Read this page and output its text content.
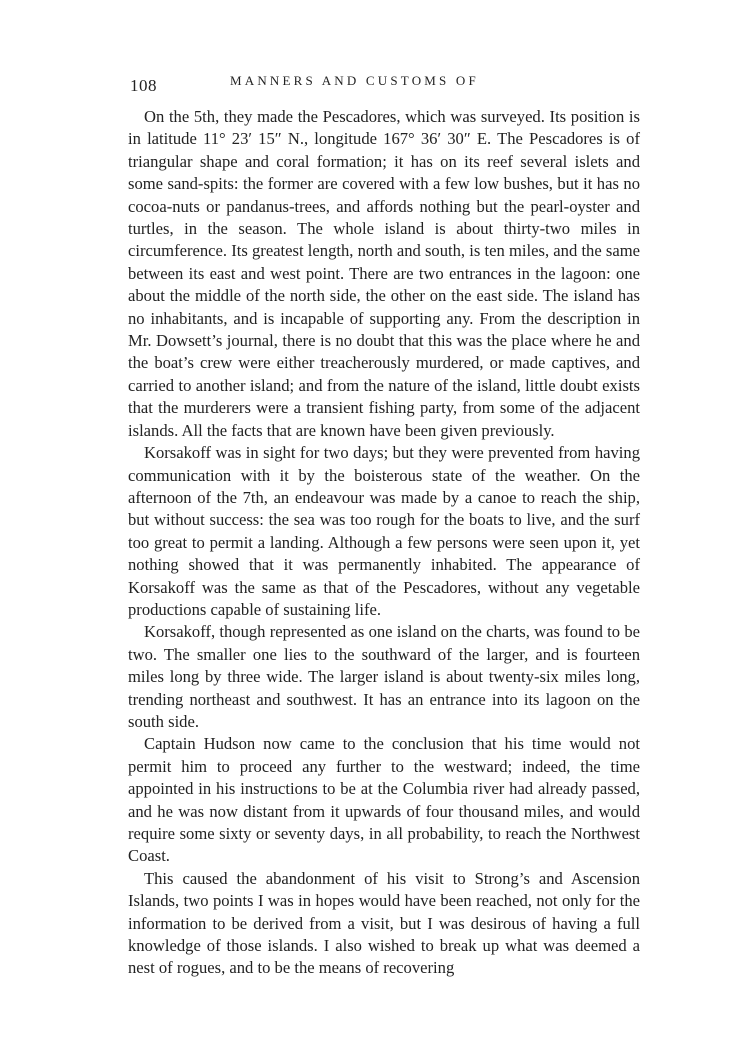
108	MANNERS AND CUSTOMS OF

On the 5th, they made the Pescadores, which was surveyed. Its position is in latitude 11° 23′ 15″ N., longitude 167° 36′ 30″ E. The Pescadores is of triangular shape and coral formation; it has on its reef several islets and some sand-spits: the former are covered with a few low bushes, but it has no cocoa-nuts or pandanus-trees, and affords nothing but the pearl-oyster and turtles, in the season. The whole island is about thirty-two miles in circumference. Its greatest length, north and south, is ten miles, and the same between its east and west point. There are two entrances in the lagoon: one about the middle of the north side, the other on the east side. The island has no inhabitants, and is incapable of supporting any. From the description in Mr. Dowsett’s journal, there is no doubt that this was the place where he and the boat’s crew were either treacherously murdered, or made captives, and carried to another island; and from the nature of the island, little doubt exists that the murderers were a transient fishing party, from some of the adjacent islands. All the facts that are known have been given previously.

Korsakoff was in sight for two days; but they were prevented from having communication with it by the boisterous state of the weather. On the afternoon of the 7th, an endeavour was made by a canoe to reach the ship, but without success: the sea was too rough for the boats to live, and the surf too great to permit a landing. Although a few persons were seen upon it, yet nothing showed that it was permanently inhabited. The appearance of Korsakoff was the same as that of the Pescadores, without any vegetable productions capable of sustaining life.

Korsakoff, though represented as one island on the charts, was found to be two. The smaller one lies to the southward of the larger, and is fourteen miles long by three wide. The larger island is about twenty-six miles long, trending northeast and southwest. It has an entrance into its lagoon on the south side.

Captain Hudson now came to the conclusion that his time would not permit him to proceed any further to the westward; indeed, the time appointed in his instructions to be at the Columbia river had already passed, and he was now distant from it upwards of four thousand miles, and would require some sixty or seventy days, in all probability, to reach the Northwest Coast.

This caused the abandonment of his visit to Strong’s and Ascension Islands, two points I was in hopes would have been reached, not only for the information to be derived from a visit, but I was desirous of having a full knowledge of those islands. I also wished to break up what was deemed a nest of rogues, and to be the means of recovering
